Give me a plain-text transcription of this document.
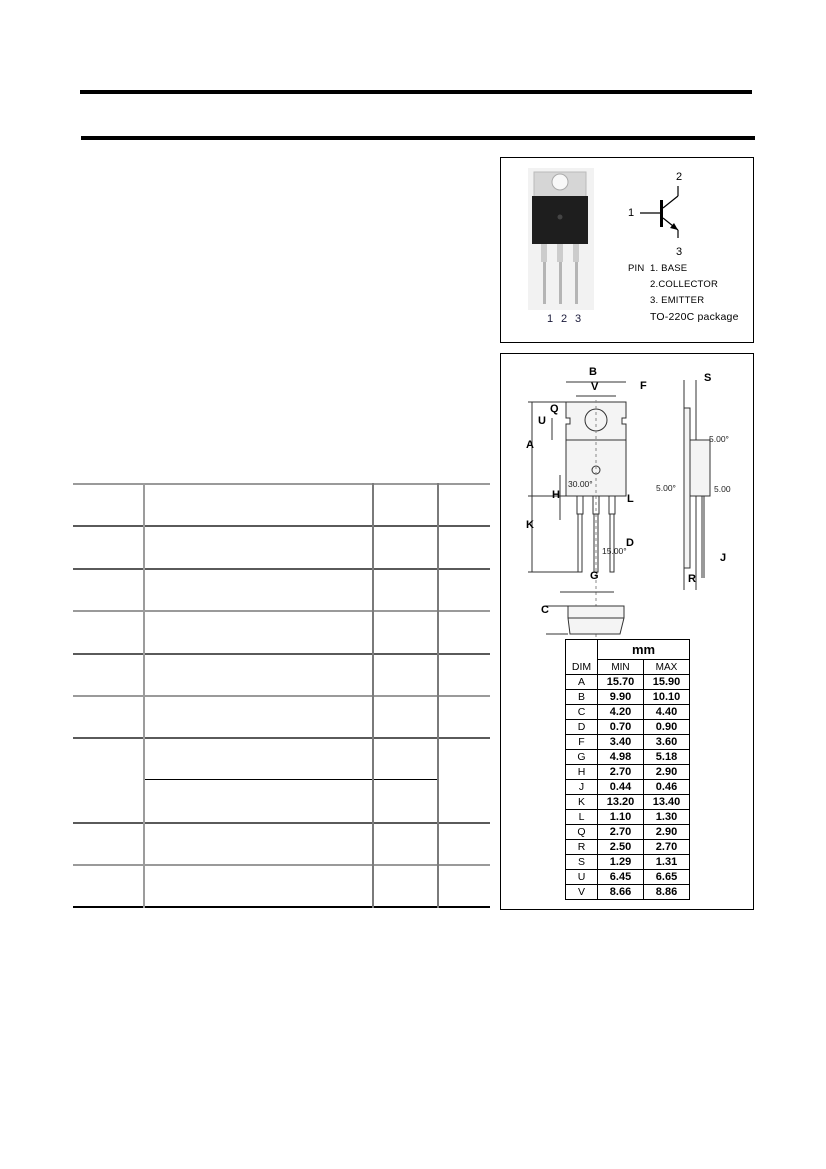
1 2 3
2
1
3
PIN 1. BASE
2.COLLECTOR
3. EMITTER
TO-220C package
B
V	F
Q
U
A
H	L
K
D
G
C
S
J
R
30.00°
15.00°
5.00°
5.00°	5.00
DIM	mm	
	MIN	MAX
A	15.70	15.90
B	9.90	10.10
C	4.20	4.40
D	0.70	0.90
F	3.40	3.60
G	4.98	5.18
H	2.70	2.90
J	0.44	0.46
K	13.20	13.40
L	1.10	1.30
Q	2.70	2.90
R	2.50	2.70
S	1.29	1.31
U	6.45	6.65
V	8.66	8.86
